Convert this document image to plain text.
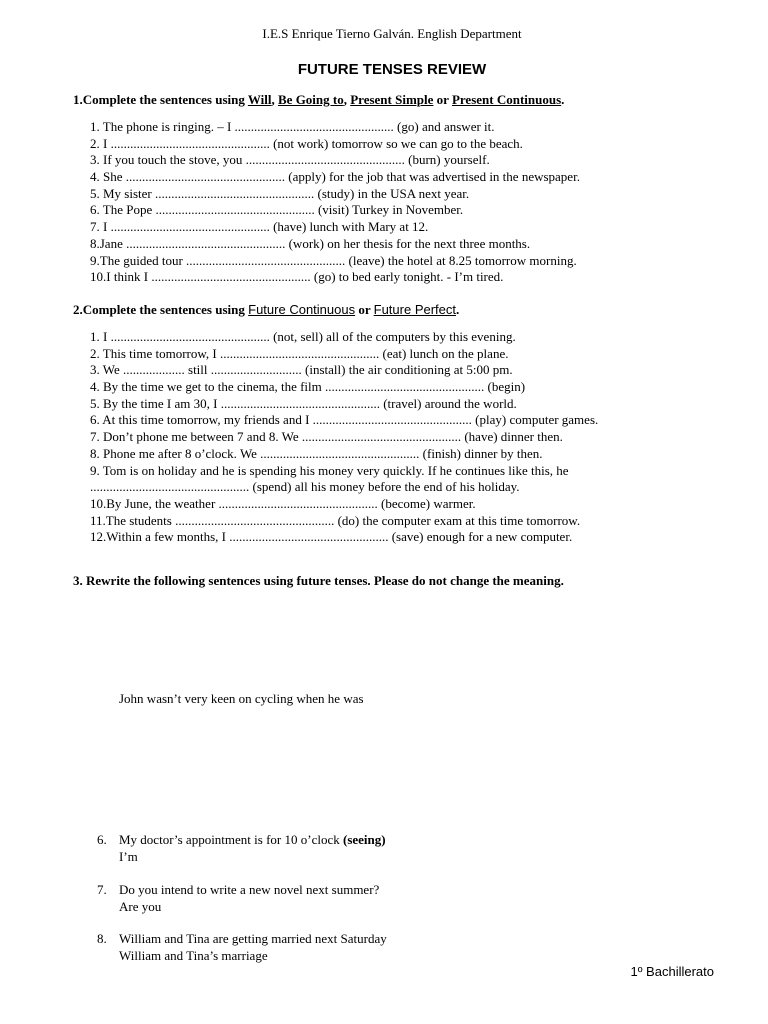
I.E.S Enrique Tierno Galván. English Department
FUTURE TENSES REVIEW
1.Complete the sentences using Will, Be Going to, Present Simple or Present Continuous.
1. The phone is ringing. – I ................................................. (go) and answer it.
2. I ................................................. (not work) tomorrow so we can go to the beach.
3. If you touch the stove, you ................................................. (burn) yourself.
4. She ................................................. (apply) for the job that was advertised in the newspaper.
5. My sister ................................................. (study) in the USA next year.
6. The Pope ................................................. (visit) Turkey in November.
7. I ................................................. (have) lunch with Mary at 12.
8.Jane ................................................. (work) on her thesis for the next three months.
9.The guided tour ................................................. (leave) the hotel at 8.25 tomorrow morning.
10.I think I ................................................. (go) to bed early tonight. - I’m tired.
2.Complete the sentences using Future Continuous or Future Perfect.
1. I ................................................. (not, sell) all of the computers by this evening.
2. This time tomorrow, I ................................................. (eat) lunch on the plane.
3. We ................... still ............................ (install) the air conditioning at 5:00 pm.
4. By the time we get to the cinema, the film ................................................. (begin)
5. By the time I am 30, I ................................................. (travel) around the world.
6. At this time tomorrow, my friends and I ................................................. (play) computer games.
7. Don’t phone me between 7 and 8. We ................................................. (have) dinner then.
8. Phone me after 8 o’clock. We ................................................. (finish) dinner by then.
9. Tom is on holiday and he is spending his money very quickly. If he continues like this, he
................................................. (spend) all his money before the end of his holiday.
10.By June, the weather ................................................. (become) warmer.
11.The students ................................................. (do) the computer exam at this time tomorrow.
12.Within a few months, I ................................................. (save) enough for a new computer.
3. Rewrite the following sentences using future tenses. Please do not change the meaning.
John wasn’t very keen on cycling when he was
6. My doctor’s appointment is for 10 o’clock (seeing)
I’m
7. Do you intend to write a new novel next summer?
Are you
8. William and Tina are getting married next Saturday
William and Tina’s marriage
1º Bachillerato
